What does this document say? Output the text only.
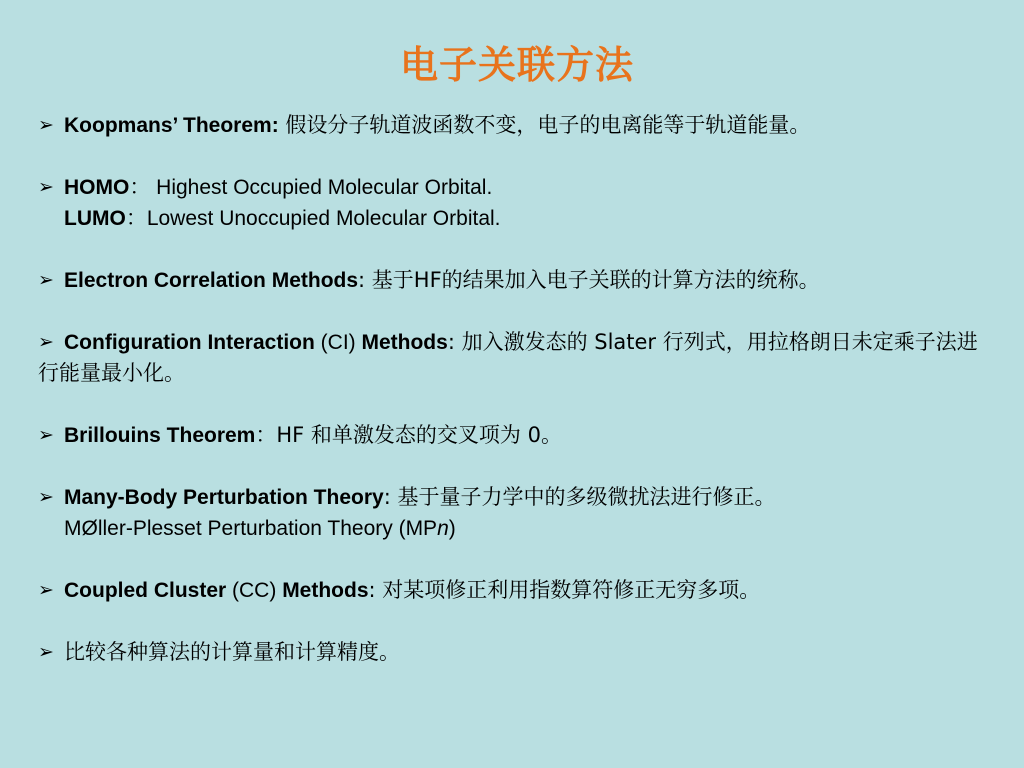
电子关联方法
➢ Koopmans’ Theorem: 假设分子轨道波函数不变，电子的电离能等于轨道能量。
➢ HOMO： Highest Occupied Molecular Orbital.
LUMO：Lowest Unoccupied Molecular Orbital.
➢ Electron Correlation Methods: 基于HF的结果加入电子关联的计算方法的统称。
➢ Configuration Interaction (CI) Methods: 加入激发态的 Slater 行列式，用拉格朗日未定乘子法进行能量最小化。
➢ Brillouins Theorem：HF 和单激发态的交叉项为 0。
➢ Many-Body Perturbation Theory: 基于量子力学中的多级微扰法进行修正。
MØller-Plesset Perturbation Theory (MPn)
➢ Coupled Cluster (CC) Methods: 对某项修正利用指数算符修正无穷多项。
➢ 比较各种算法的计算量和计算精度。
